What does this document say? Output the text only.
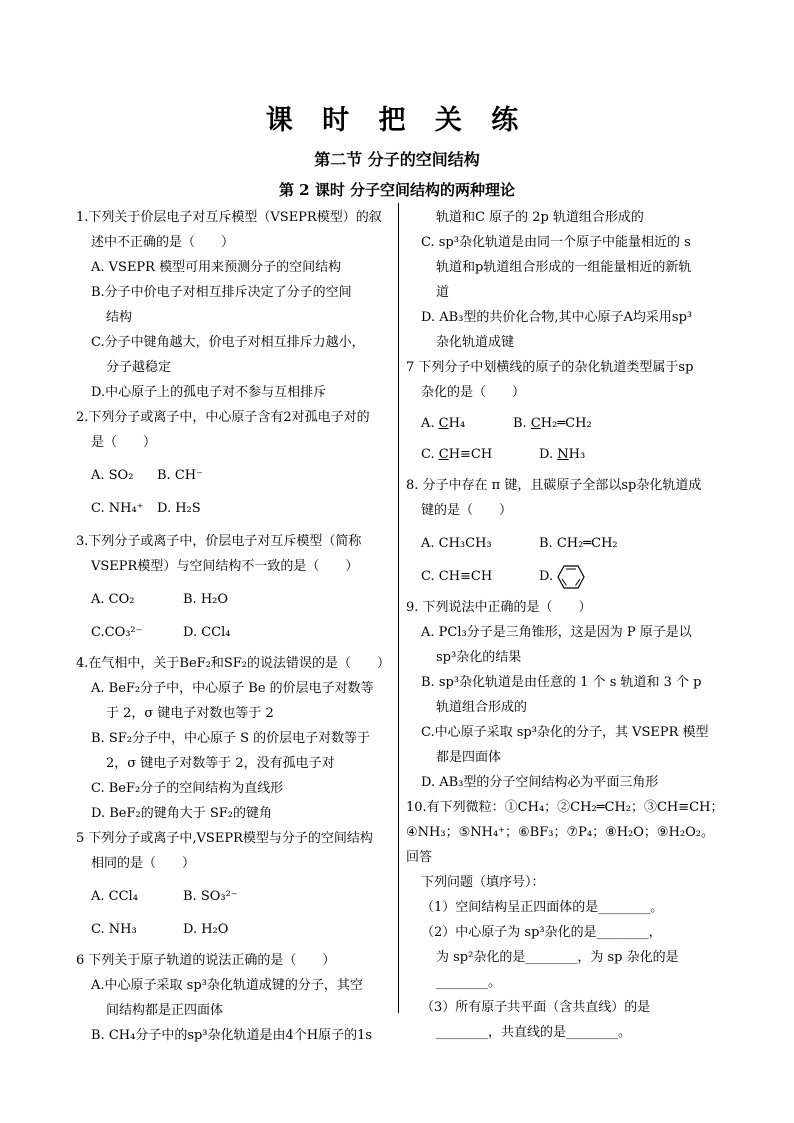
课 时 把 关 练
第二节 分子的空间结构
第 2 课时 分子空间结构的两种理论
1.下列关于价层电子对互斥模型（VSEPR模型）的叙
述中不正确的是（　　）
A. VSEPR 模型可用来预测分子的空间结构
B.分子中价电子对相互排斥决定了分子的空间
结构
C.分子中键角越大，价电子对相互排斥力越小，
分子越稳定
D.中心原子上的孤电子对不参与互相排斥
2.下列分子或离子中，中心原子含有2对孤电子对的
是（　　）
A. SO₂	B. CH⁻
C. NH₄⁺	D. H₂S
3.下列分子或离子中，价层电子对互斥模型（简称
VSEPR模型）与空间结构不一致的是（　　）
A. CO₂	B. H₂O
C.CO₃²⁻	D. CCl₄
4.在气相中，关于BeF₂和SF₂的说法错误的是（　　）
A. BeF₂分子中，中心原子 Be 的价层电子对数等
于 2，σ 键电子对数也等于 2
B. SF₂分子中，中心原子 S 的价层电子对数等于
2，σ 键电子对数等于 2，没有孤电子对
C. BeF₂分子的空间结构为直线形
D. BeF₂的键角大于 SF₂的键角
5 下列分子或离子中,VSEPR模型与分子的空间结构
相同的是（　　）
A. CCl₄	B. SO₃²⁻
C. NH₃	D. H₂O
6 下列关于原子轨道的说法正确的是（　　）
A.中心原子采取 sp³杂化轨道成键的分子，其空
间结构都是正四面体
B. CH₄分子中的sp³杂化轨道是由4个H原子的1s
轨道和C 原子的 2p 轨道组合形成的
C. sp³杂化轨道是由同一个原子中能量相近的 s
轨道和p轨道组合形成的一组能量相近的新轨
道
D. AB₃型的共价化合物,其中心原子A均采用sp³
杂化轨道成键
7 下列分子中划横线的原子的杂化轨道类型属于sp
杂化的是（　　）
A. CH₄	B. CH₂═CH₂
C. CH≡CH	D. NH₃
8. 分子中存在 π 键，且碳原子全部以sp杂化轨道成
键的是（　　）
A. CH₃CH₃	B. CH₂═CH₂
C. CH≡CH	D.
9. 下列说法中正确的是（　　）
A. PCl₃分子是三角锥形，这是因为 P 原子是以
sp³杂化的结果
B. sp³杂化轨道是由任意的 1 个 s 轨道和 3 个 p
轨道组合形成的
C.中心原子采取 sp³杂化的分子，其 VSEPR 模型
都是四面体
D. AB₃型的分子空间结构必为平面三角形
10.有下列微粒：①CH₄；②CH₂═CH₂；③CH≡CH；
④NH₃；⑤NH₄⁺；⑥BF₃；⑦P₄；⑧H₂O；⑨H₂O₂。回答
下列问题（填序号）：
（1）空间结构呈正四面体的是________。
（2）中心原子为 sp³杂化的是________，
为 sp²杂化的是________，为 sp 杂化的是
________。
（3）所有原子共平面（含共直线）的是
________，共直线的是________。
